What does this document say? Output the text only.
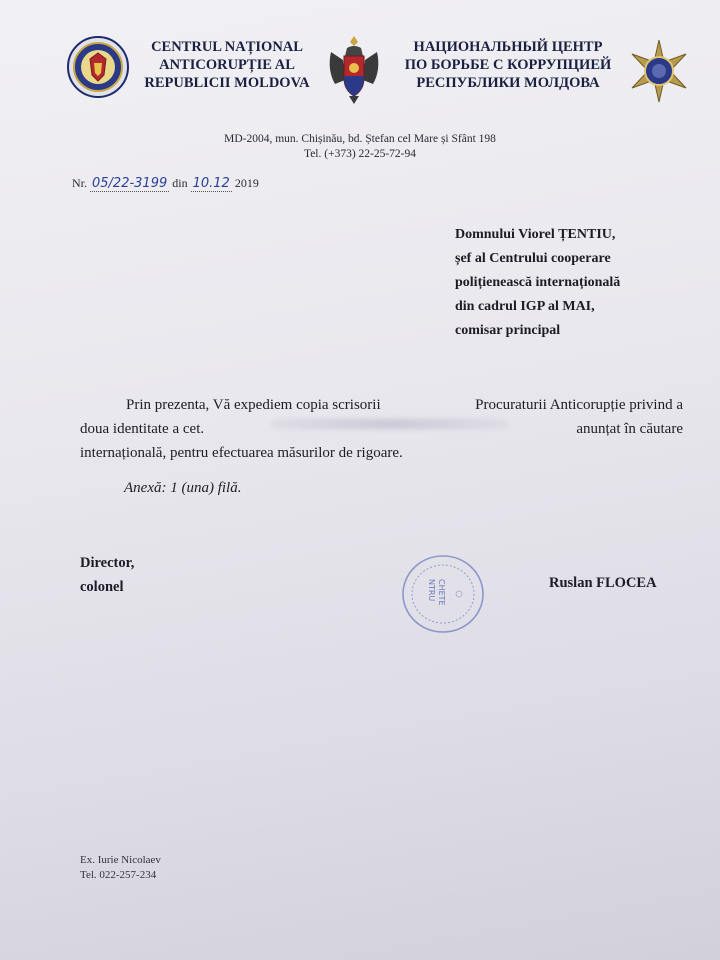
CENTRUL NAȚIONAL
ANTICORUPȚIE AL
REPUBLICII MOLDOVA
НАЦИОНАЛЬНЫЙ ЦЕНТР
ПО БОРЬБЕ С КОРРУПЦИЕЙ
РЕСПУБЛИКИ МОЛДОВА
MD-2004, mun. Chișinău, bd. Ștefan cel Mare și Sfânt 198
Tel. (+373) 22-25-72-94
Nr. 05/22-3199 din 10.12 2019
Domnului Viorel ȚENTIU,
șef al Centrului cooperare
polițienească internațională
din cadrul IGP al MAI,
comisar principal
Prin prezenta, Vă expediem copia scrisorii	Procuraturii Anticorupție privind a
doua identitate a cet.	anunțat în căutare
internațională, pentru efectuarea măsurilor de rigoare.
Anexă: 1 (una) filă.
Director,
colonel	NTRU CHETE	Ruslan FLOCEA
Ex. Iurie Nicolaev
Tel. 022-257-234
